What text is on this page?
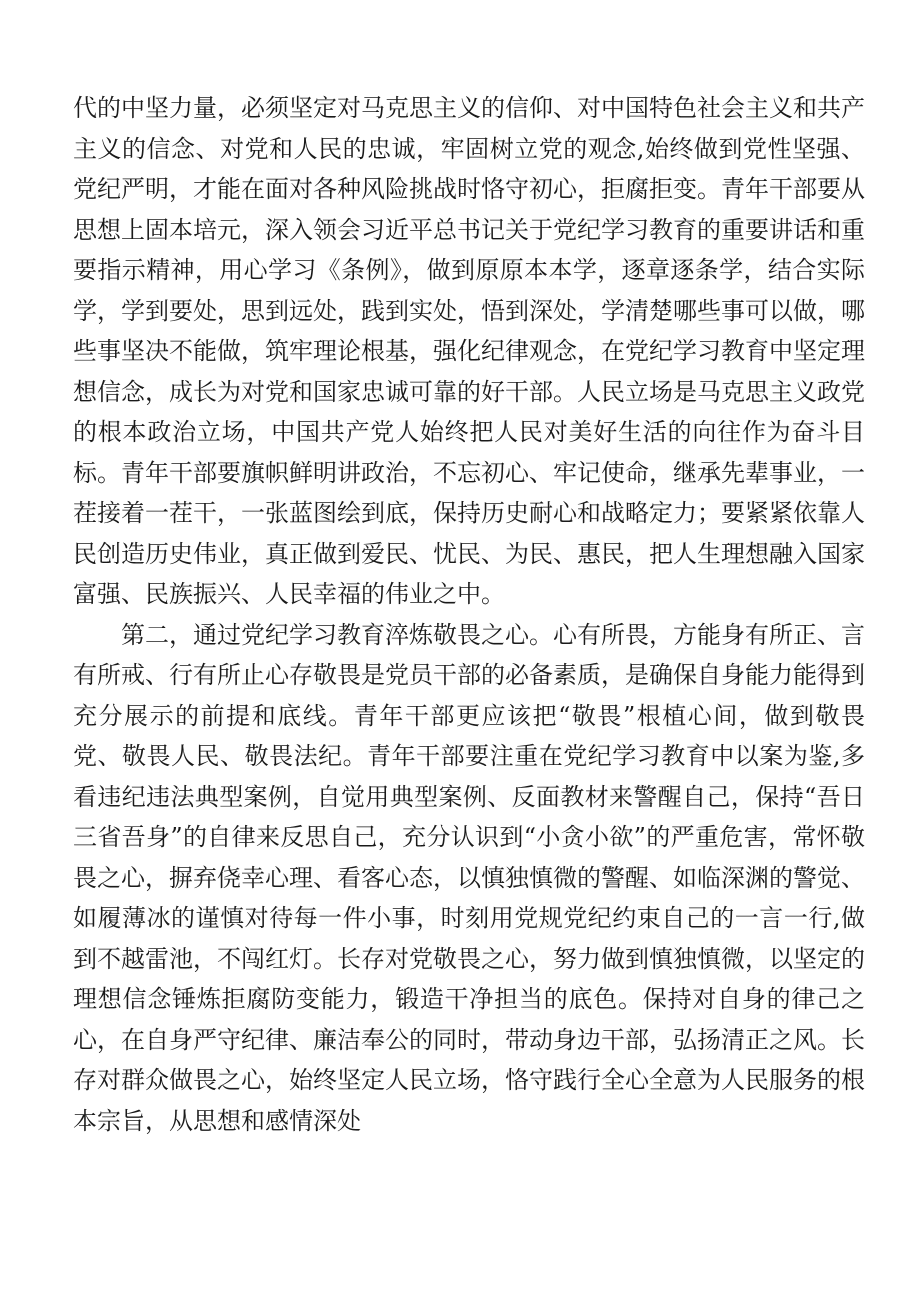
代的中坚力量，必须坚定对马克思主义的信仰、对中国特色社会主义和共产主义的信念、对党和人民的忠诚，牢固树立党的观念,始终做到党性坚强、党纪严明，才能在面对各种风险挑战时恪守初心，拒腐拒变。青年干部要从思想上固本培元，深入领会习近平总书记关于党纪学习教育的重要讲话和重要指示精神，用心学习《条例》，做到原原本本学，逐章逐条学，结合实际学，学到要处，思到远处，践到实处，悟到深处，学清楚哪些事可以做，哪些事坚决不能做，筑牢理论根基，强化纪律观念，在党纪学习教育中坚定理想信念，成长为对党和国家忠诚可靠的好干部。人民立场是马克思主义政党的根本政治立场，中国共产党人始终把人民对美好生活的向往作为奋斗目标。青年干部要旗帜鲜明讲政治，不忘初心、牢记使命，继承先辈事业，一茬接着一茬干，一张蓝图绘到底，保持历史耐心和战略定力；要紧紧依靠人民创造历史伟业，真正做到爱民、忧民、为民、惠民，把人生理想融入国家富强、民族振兴、人民幸福的伟业之中。

第二，通过党纪学习教育淬炼敬畏之心。心有所畏，方能身有所正、言有所戒、行有所止心存敬畏是党员干部的必备素质，是确保自身能力能得到充分展示的前提和底线。青年干部更应该把“敬畏”根植心间，做到敬畏党、敬畏人民、敬畏法纪。青年干部要注重在党纪学习教育中以案为鉴,多看违纪违法典型案例，自觉用典型案例、反面教材来警醒自己，保持“吾日三省吾身”的自律来反思自己，充分认识到“小贪小欲”的严重危害，常怀敬畏之心，摒弃侥幸心理、看客心态，以慎独慎微的警醒、如临深渊的警觉、如履薄冰的谨慎对待每一件小事，时刻用党规党纪约束自己的一言一行,做到不越雷池，不闯红灯。长存对党敬畏之心，努力做到慎独慎微，以坚定的理想信念锤炼拒腐防变能力，锻造干净担当的底色。保持对自身的律己之心，在自身严守纪律、廉洁奉公的同时，带动身边干部，弘扬清正之风。长存对群众做畏之心，始终坚定人民立场，恪守践行全心全意为人民服务的根本宗旨，从思想和感情深处
